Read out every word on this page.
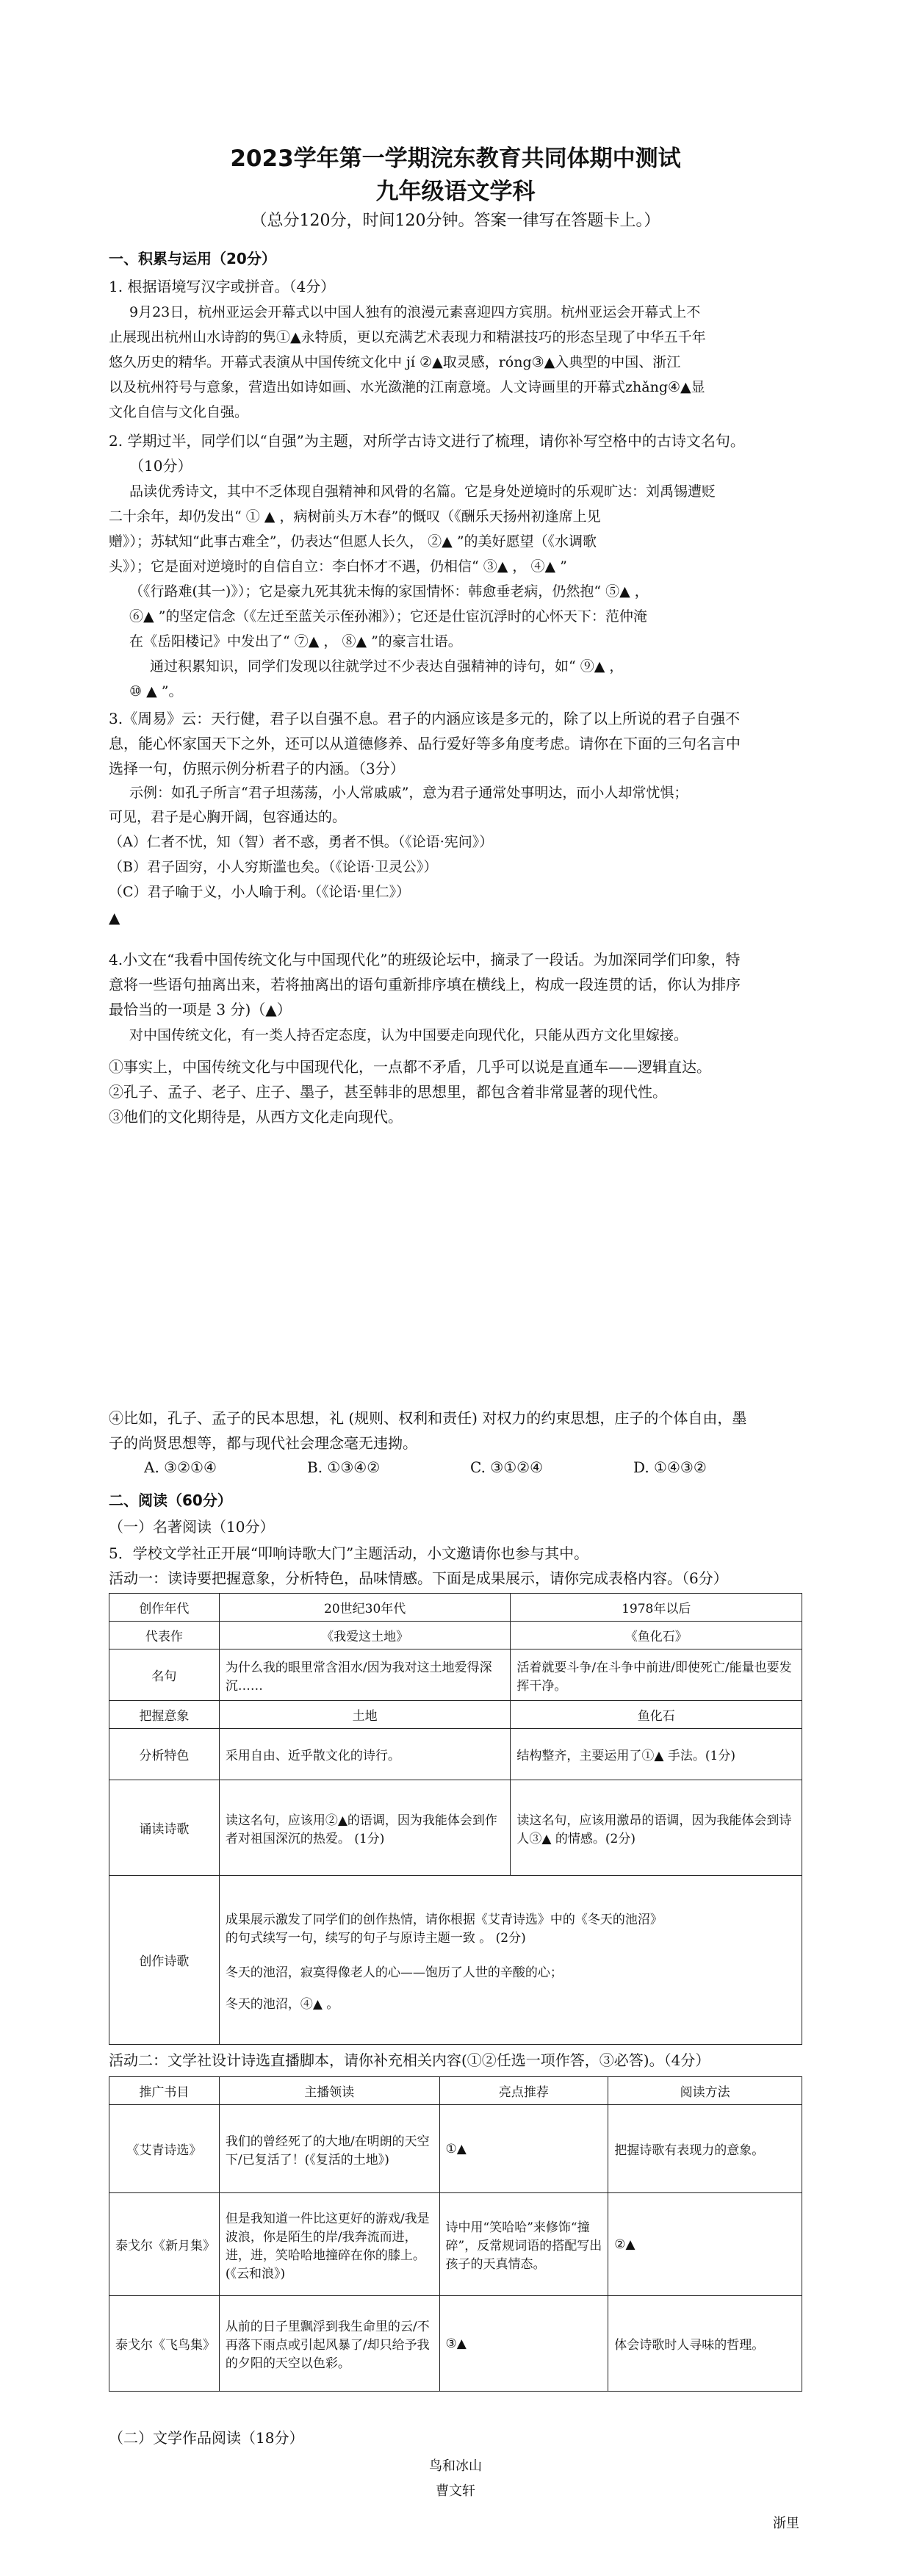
2023学年第一学期浣东教育共同体期中测试
九年级语文学科
（总分120分，时间120分钟。答案一律写在答题卡上。）
一、积累与运用（20分）
1. 根据语境写汉字或拼音。（4分）
9月23日，杭州亚运会开幕式以中国人独有的浪漫元素喜迎四方宾朋。杭州亚运会开幕式上不
止展现出杭州山水诗韵的隽①▲永特质，更以充满艺术表现力和精湛技巧的形态呈现了中华五千年
悠久历史的精华。开幕式表演从中国传统文化中 jí ②▲取灵感，róng③▲入典型的中国、浙江
以及杭州符号与意象，营造出如诗如画、水光潋滟的江南意境。人文诗画里的开幕式zhǎng④▲显
文化自信与文化自强。
2. 学期过半，同学们以“自强”为主题，对所学古诗文进行了梳理，请你补写空格中的古诗文名句。
（10分）
品读优秀诗文，其中不乏体现自强精神和风骨的名篇。它是身处逆境时的乐观旷达：刘禹锡遭贬
二十余年，却仍发出“ ① ▲ ，病树前头万木春”的慨叹（《酬乐天扬州初逢席上见
赠》）；苏轼知“此事古难全”，仍表达“但愿人长久， ②▲ ”的美好愿望（《水调歌
头》）；它是面对逆境时的自信自立：李白怀才不遇，仍相信“ ③▲ ， ④▲ ”
（《行路难(其一)》）；它是豪九死其犹未悔的家国情怀：韩愈垂老病，仍然抱“ ⑤▲ ，
⑥▲ ”的坚定信念（《左迁至蓝关示侄孙湘》）；它还是仕宦沉浮时的心怀天下：范仲淹
在《岳阳楼记》中发出了“ ⑦▲ ， ⑧▲ ”的豪言壮语。
通过积累知识，同学们发现以往就学过不少表达自强精神的诗句，如“ ⑨▲ ，
⑩ ▲ ”。
3.《周易》云：天行健，君子以自强不息。君子的内涵应该是多元的，除了以上所说的君子自强不
息，能心怀家国天下之外，还可以从道德修养、品行爱好等多角度考虑。请你在下面的三句名言中
选择一句，仿照示例分析君子的内涵。（3分）
示例：如孔子所言“君子坦荡荡，小人常戚戚”，意为君子通常处事明达，而小人却常忧惧；
可见，君子是心胸开阔，包容通达的。
（A）仁者不忧，知（智）者不惑，勇者不惧。（《论语·宪问》）
（B）君子固穷，小人穷斯滥也矣。（《论语·卫灵公》）
（C）君子喻于义，小人喻于利。（《论语·里仁》）
▲
4.小文在“我看中国传统文化与中国现代化”的班级论坛中，摘录了一段话。为加深同学们印象，特
意将一些语句抽离出来，若将抽离出的语句重新排序填在横线上，构成一段连贯的话，你认为排序
最恰当的一项是 3 分)（▲）
对中国传统文化，有一类人持否定态度，认为中国要走向现代化，只能从西方文化里嫁接。
①事实上，中国传统文化与中国现代化，一点都不矛盾，几乎可以说是直通车——逻辑直达。
②孔子、孟子、老子、庄子、墨子，甚至韩非的思想里，都包含着非常显著的现代性。
③他们的文化期待是，从西方文化走向现代。
④比如，孔子、孟子的民本思想，礼 (规则、权利和责任) 对权力的约束思想，庄子的个体自由，墨
子的尚贤思想等，都与现代社会理念毫无违拗。
A. ③②①④	B. ①③④②	C. ③①②④	D. ①④③②
二、阅读（60分）
（一）名著阅读（10分）
5．学校文学社正开展“叩响诗歌大门”主题活动，小文邀请你也参与其中。
活动一：读诗要把握意象，分析特色，品味情感。下面是成果展示，请你完成表格内容。（6分）
创作年代	20世纪30年代	1978年以后
代表作	《我爱这土地》	《鱼化石》
名句	为什么我的眼里常含泪水/因为我对这土地爱得深沉……	活着就要斗争/在斗争中前进/即使死亡/能量也要发挥干净。
把握意象	土地	鱼化石
分析特色	采用自由、近乎散文化的诗行。	结构整齐，主要运用了①▲ 手法。(1分)
诵读诗歌	读这名句，应该用②▲的语调，因为我能体会到作者对祖国深沉的热爱。 (1分)	读这名句，应该用激昂的语调，因为我能体会到诗人③▲ 的情感。(2分)
创作诗歌	成果展示激发了同学们的创作热情，请你根据《艾青诗选》中的《冬天的池沼》
的句式续写一句，续写的句子与原诗主题一致 。 (2分)
冬天的池沼，寂寞得像老人的心——饱历了人世的辛酸的心；
冬天的池沼，④▲ 。	
活动二：文学社设计诗选直播脚本，请你补充相关内容(①②任选一项作答，③必答)。（4分）
推广书目	主播领读	亮点推荐	阅读方法
《艾青诗选》	我们的曾经死了的大地/在明朗的天空下/已复活了！(《复活的土地》)	①▲	把握诗歌有表现力的意象。
泰戈尔《新月集》	但是我知道一件比这更好的游戏/我是波浪，你是陌生的岸/我奔流而进，进，进，笑哈哈地撞碎在你的膝上。(《云和浪》)	诗中用“笑哈哈”来修饰“撞碎”，反常规词语的搭配写出孩子的天真情态。	②▲
泰戈尔《飞鸟集》	从前的日子里飘浮到我生命里的云/不再落下雨点或引起风暴了/却只给予我的夕阳的天空以色彩。	③▲	体会诗歌时人寻味的哲理。
（二）文学作品阅读（18分）
鸟和冰山
曹文轩
浙里
